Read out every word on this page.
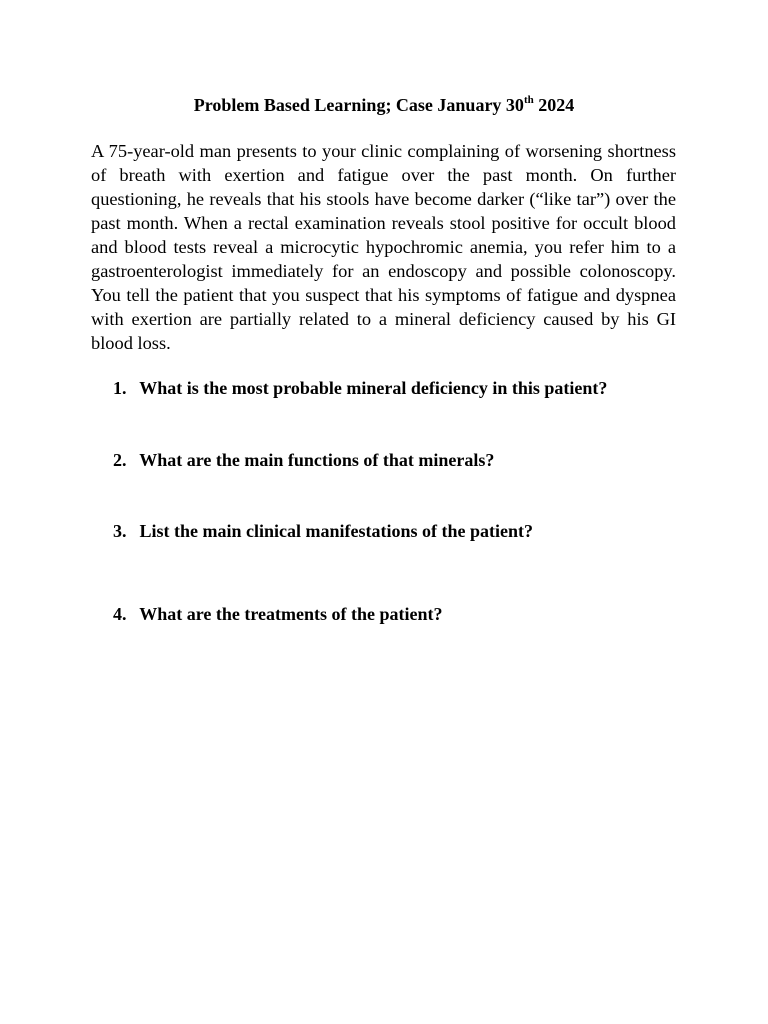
Problem Based Learning; Case January 30th 2024

A 75-year-old man presents to your clinic complaining of worsening shortness of breath with exertion and fatigue over the past month. On further questioning, he reveals that his stools have become darker (“like tar”) over the past month. When a rectal examination reveals stool positive for occult blood and blood tests reveal a microcytic hypochromic anemia, you refer him to a gastroenterologist immediately for an endoscopy and possible colonoscopy. You tell the patient that you suspect that his symptoms of fatigue and dyspnea with exertion are partially related to a mineral deficiency caused by his GI blood loss.

1. What is the most probable mineral deficiency in this patient?
2. What are the main functions of that minerals?
3. List the main clinical manifestations of the patient?
4. What are the treatments of the patient?
